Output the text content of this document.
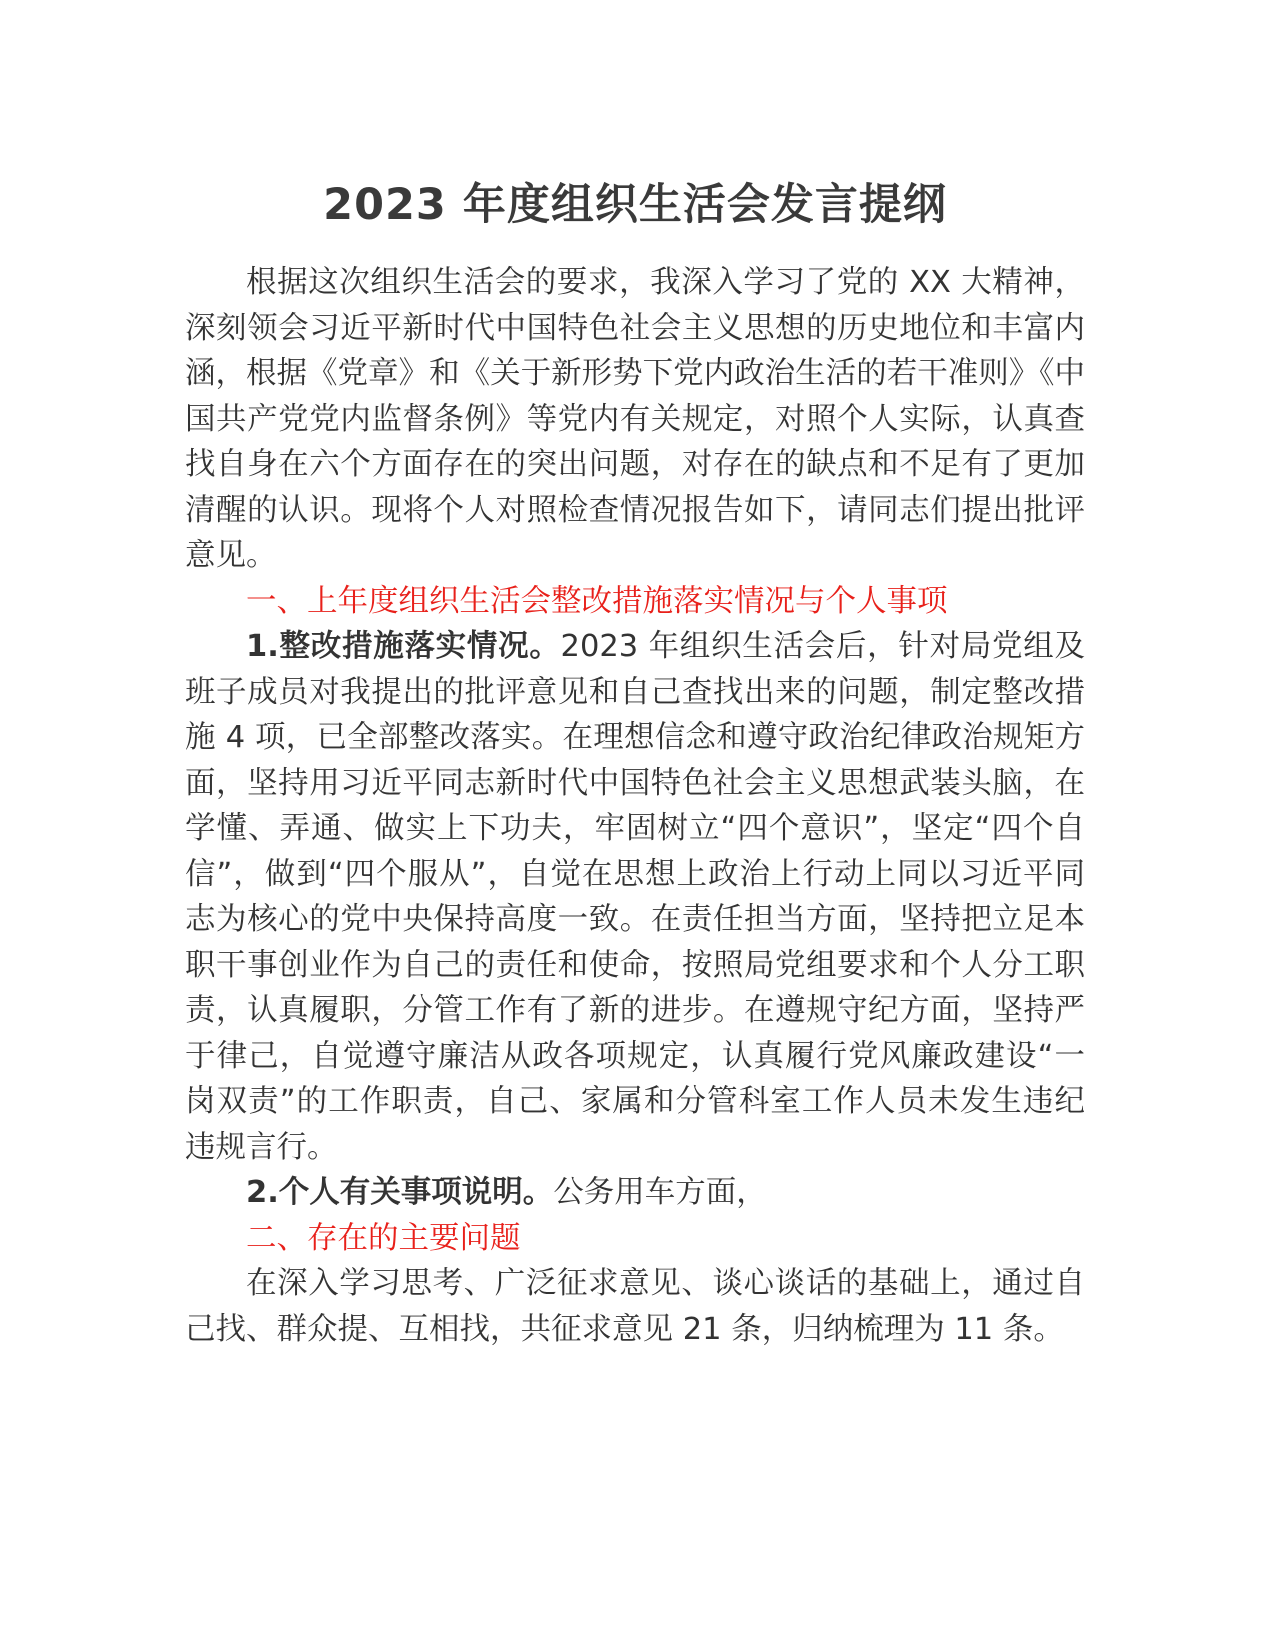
2023 年度组织生活会发言提纲

根据这次组织生活会的要求，我深入学习了党的 XX 大精神，深刻领会习近平新时代中国特色社会主义思想的历史地位和丰富内涵，根据《党章》和《关于新形势下党内政治生活的若干准则》《中国共产党党内监督条例》等党内有关规定，对照个人实际，认真查找自身在六个方面存在的突出问题，对存在的缺点和不足有了更加清醒的认识。现将个人对照检查情况报告如下，请同志们提出批评意见。

一、上年度组织生活会整改措施落实情况与个人事项

1.整改措施落实情况。2023 年组织生活会后，针对局党组及班子成员对我提出的批评意见和自己查找出来的问题，制定整改措施 4 项，已全部整改落实。在理想信念和遵守政治纪律政治规矩方面，坚持用习近平同志新时代中国特色社会主义思想武装头脑，在学懂、弄通、做实上下功夫，牢固树立“四个意识”，坚定“四个自信”，做到“四个服从”，自觉在思想上政治上行动上同以习近平同志为核心的党中央保持高度一致。在责任担当方面，坚持把立足本职干事创业作为自己的责任和使命，按照局党组要求和个人分工职责，认真履职，分管工作有了新的进步。在遵规守纪方面，坚持严于律己，自觉遵守廉洁从政各项规定，认真履行党风廉政建设“一岗双责”的工作职责，自己、家属和分管科室工作人员未发生违纪违规言行。

2.个人有关事项说明。公务用车方面，

二、存在的主要问题

在深入学习思考、广泛征求意见、谈心谈话的基础上，通过自己找、群众提、互相找，共征求意见 21 条，归纳梳理为 11 条。
